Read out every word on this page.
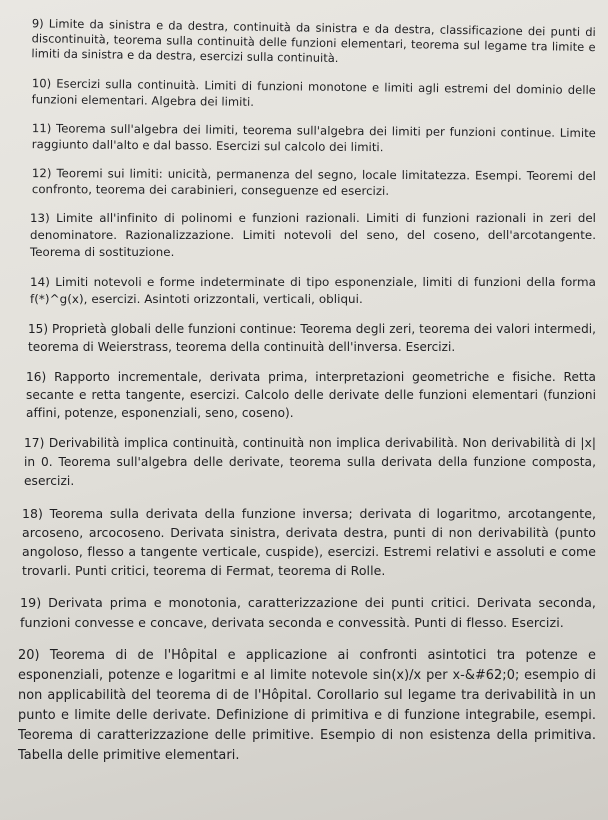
9) Limite da sinistra e da destra, continuità da sinistra e da destra, classificazione dei punti di discontinuità, teorema sulla continuità delle funzioni elementari, teorema sul legame tra limite e limiti da sinistra e da destra, esercizi sulla continuità.

10) Esercizi sulla continuità. Limiti di funzioni monotone e limiti agli estremi del dominio delle funzioni elementari. Algebra dei limiti.

11) Teorema sull'algebra dei limiti, teorema sull'algebra dei limiti per funzioni continue. Limite raggiunto dall'alto e dal basso. Esercizi sul calcolo dei limiti.

12) Teoremi sui limiti: unicità, permanenza del segno, locale limitatezza. Esempi. Teoremi del confronto, teorema dei carabinieri, conseguenze ed esercizi.

13) Limite all'infinito di polinomi e funzioni razionali. Limiti di funzioni razionali in zeri del denominatore. Razionalizzazione. Limiti notevoli del seno, del coseno, dell'arcotangente. Teorema di sostituzione.

14) Limiti notevoli e forme indeterminate di tipo esponenziale, limiti di funzioni della forma f(*)^g(x), esercizi. Asintoti orizzontali, verticali, obliqui.

15) Proprietà globali delle funzioni continue: Teorema degli zeri, teorema dei valori intermedi, teorema di Weierstrass, teorema della continuità dell'inversa. Esercizi.

16) Rapporto incrementale, derivata prima, interpretazioni geometriche e fisiche. Retta secante e retta tangente, esercizi. Calcolo delle derivate delle funzioni elementari (funzioni affini, potenze, esponenziali, seno, coseno).

17) Derivabilità implica continuità, continuità non implica derivabilità. Non derivabilità di |x| in 0. Teorema sull'algebra delle derivate, teorema sulla derivata della funzione composta, esercizi.

18) Teorema sulla derivata della funzione inversa; derivata di logaritmo, arcotangente, arcoseno, arcocoseno. Derivata sinistra, derivata destra, punti di non derivabilità (punto angoloso, flesso a tangente verticale, cuspide), esercizi. Estremi relativi e assoluti e come trovarli. Punti critici, teorema di Fermat, teorema di Rolle.

19) Derivata prima e monotonia, caratterizzazione dei punti critici. Derivata seconda, funzioni convesse e concave, derivata seconda e convessità. Punti di flesso. Esercizi.

20) Teorema di de l'Hôpital e applicazione ai confronti asintotici tra potenze e esponenziali, potenze e logaritmi e al limite notevole sin(x)/x per x-&#62;0; esempio di non applicabilità del teorema di de l'Hôpital. Corollario sul legame tra derivabilità in un punto e limite delle derivate. Definizione di primitiva e di funzione integrabile, esempi. Teorema di caratterizzazione delle primitive. Esempio di non esistenza della primitiva. Tabella delle primitive elementari.
